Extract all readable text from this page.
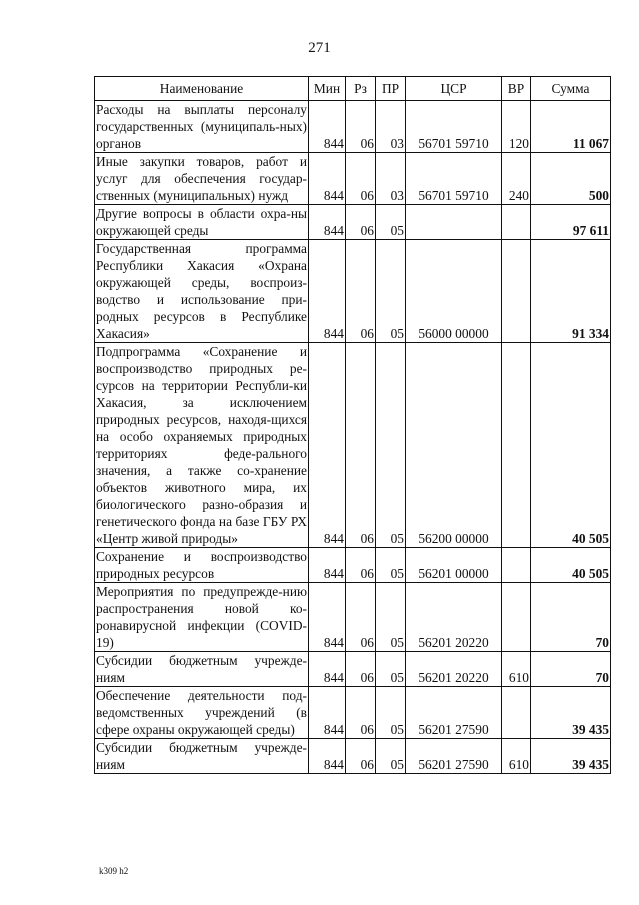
271
Наименование	Мин	Рз	ПР	ЦСР	ВР	Сумма
Расходы на выплаты персоналу государственных (муниципаль-ных) органов	844	06	03	56701 59710	120	11 067
Иные закупки товаров, работ и услуг для обеспечения государ-ственных (муниципальных) нужд	844	06	03	56701 59710	240	500
Другие вопросы в области охра-ны окружающей среды	844	06	05			97 611
Государственная программа Республики Хакасия «Охрана окружающей среды, воспроиз-водство и использование при-родных ресурсов в Республике Хакасия»	844	06	05	56000 00000		91 334
Подпрограмма «Сохранение и воспроизводство природных ре-сурсов на территории Республи-ки Хакасия, за исключением природных ресурсов, находя-щихся на особо охраняемых природных территориях феде-рального значения, а также со-хранение объектов животного мира, их биологического разно-образия и генетического фонда на базе ГБУ РХ «Центр живой природы»	844	06	05	56200 00000		40 505
Сохранение и воспроизводство природных ресурсов	844	06	05	56201 00000		40 505
Мероприятия по предупрежде-нию распространения новой ко-ронавирусной инфекции (COVID-19)	844	06	05	56201 20220		70
Субсидии бюджетным учрежде-ниям	844	06	05	56201 20220	610	70
Обеспечение деятельности под-ведомственных учреждений (в сфере охраны окружающей среды)	844	06	05	56201 27590		39 435
Субсидии бюджетным учрежде-ниям	844	06	05	56201 27590	610	39 435
k309 h2
